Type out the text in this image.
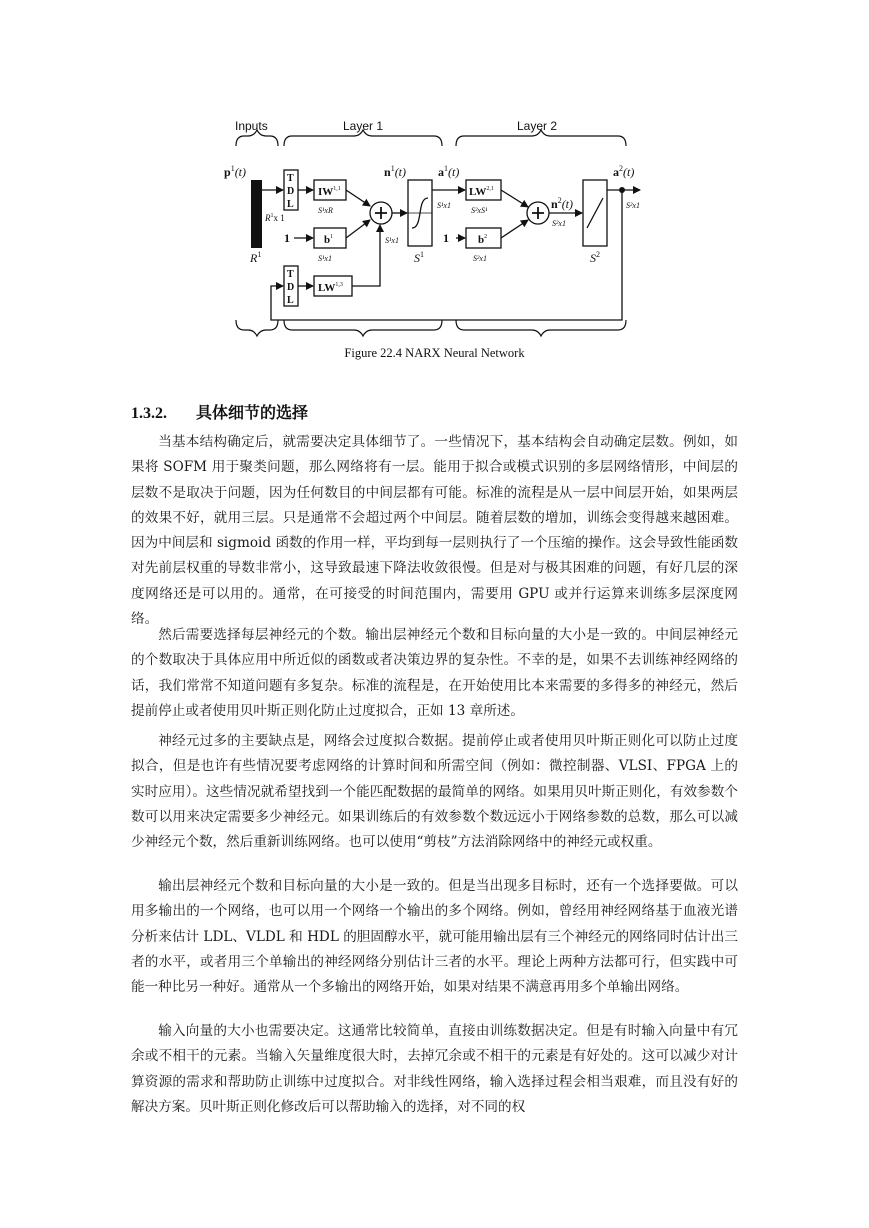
Inputs	Layer 1	Layer 2
$p^1(t)$
$R^1x$ 1
$R^1$
T
D
L
IW$^{1,1}$
S¹xR
1	$b^1$
S¹x1
T
D
L
LW$^{1,3}$
$n^1(t)$
S¹x1
$S^1$
$a^1(t)$
S¹x1
LW$^{2,1}$
S²xS¹
1	$b^2$
S²x1
$n^2(t)$
S²x1
$S^2$
$a^2(t)$
S²x1
Figure 22.4 NARX Neural Network
1.3.2. 具体细节的选择

当基本结构确定后，就需要决定具体细节了。一些情况下，基本结构会自动确定层数。例如，如果将 SOFM 用于聚类问题，那么网络将有一层。能用于拟合或模式识别的多层网络情形，中间层的层数不是取决于问题，因为任何数目的中间层都有可能。标准的流程是从一层中间层开始，如果两层的效果不好，就用三层。只是通常不会超过两个中间层。随着层数的增加，训练会变得越来越困难。因为中间层和 sigmoid 函数的作用一样，平均到每一层则执行了一个压缩的操作。这会导致性能函数对先前层权重的导数非常小，这导致最速下降法收敛很慢。但是对与极其困难的问题，有好几层的深度网络还是可以用的。通常，在可接受的时间范围内，需要用 GPU 或并行运算来训练多层深度网络。

然后需要选择每层神经元的个数。输出层神经元个数和目标向量的大小是一致的。中间层神经元的个数取决于具体应用中所近似的函数或者决策边界的复杂性。不幸的是，如果不去训练神经网络的话，我们常常不知道问题有多复杂。标准的流程是，在开始使用比本来需要的多得多的神经元，然后提前停止或者使用贝叶斯正则化防止过度拟合，正如 13 章所述。

神经元过多的主要缺点是，网络会过度拟合数据。提前停止或者使用贝叶斯正则化可以防止过度拟合，但是也许有些情况要考虑网络的计算时间和所需空间（例如：微控制器、VLSI、FPGA 上的实时应用）。这些情况就希望找到一个能匹配数据的最简单的网络。如果用贝叶斯正则化，有效参数个数可以用来决定需要多少神经元。如果训练后的有效参数个数远远小于网络参数的总数，那么可以减少神经元个数，然后重新训练网络。也可以使用“剪枝”方法消除网络中的神经元或权重。

输出层神经元个数和目标向量的大小是一致的。但是当出现多目标时，还有一个选择要做。可以用多输出的一个网络，也可以用一个网络一个输出的多个网络。例如，曾经用神经网络基于血液光谱分析来估计 LDL、VLDL 和 HDL 的胆固醇水平，就可能用输出层有三个神经元的网络同时估计出三者的水平，或者用三个单输出的神经网络分别估计三者的水平。理论上两种方法都可行，但实践中可能一种比另一种好。通常从一个多输出的网络开始，如果对结果不满意再用多个单输出网络。

输入向量的大小也需要决定。这通常比较简单，直接由训练数据决定。但是有时输入向量中有冗余或不相干的元素。当输入矢量维度很大时，去掉冗余或不相干的元素是有好处的。这可以减少对计算资源的需求和帮助防止训练中过度拟合。对非线性网络，输入选择过程会相当艰难，而且没有好的解决方案。贝叶斯正则化修改后可以帮助输入的选择，对不同的权
